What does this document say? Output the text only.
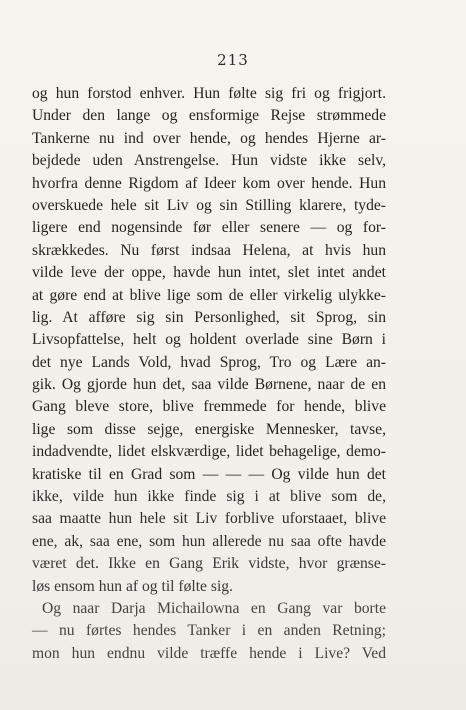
213
og hun forstod enhver. Hun følte sig fri og frigjort.
Under den lange og ensformige Rejse strømmede
Tankerne nu ind over hende, og hendes Hjerne ar-
bejdede uden Anstrengelse. Hun vidste ikke selv,
hvorfra denne Rigdom af Ideer kom over hende. Hun
overskuede hele sit Liv og sin Stilling klarere, tyde-
ligere end nogensinde før eller senere — og for-
skrækkedes. Nu først indsaa Helena, at hvis hun
vilde leve der oppe, havde hun intet, slet intet andet
at gøre end at blive lige som de eller virkelig ulykke-
lig. At afføre sig sin Personlighed, sit Sprog, sin
Livsopfattelse, helt og holdent overlade sine Børn i
det nye Lands Vold, hvad Sprog, Tro og Lære an-
gik. Og gjorde hun det, saa vilde Børnene, naar de en
Gang bleve store, blive fremmede for hende, blive
lige som disse sejge, energiske Mennesker, tavse,
indadvendte, lidet elskværdige, lidet behagelige, demo-
kratiske til en Grad som — — — Og vilde hun det
ikke, vilde hun ikke finde sig i at blive som de,
saa maatte hun hele sit Liv forblive uforstaaet, blive
ene, ak, saa ene, som hun allerede nu saa ofte havde
været det. Ikke en Gang Erik vidste, hvor grænse-
løs ensom hun af og til følte sig.
Og naar Darja Michailowna en Gang var borte
— nu førtes hendes Tanker i en anden Retning;
mon hun endnu vilde træffe hende i Live? Ved
